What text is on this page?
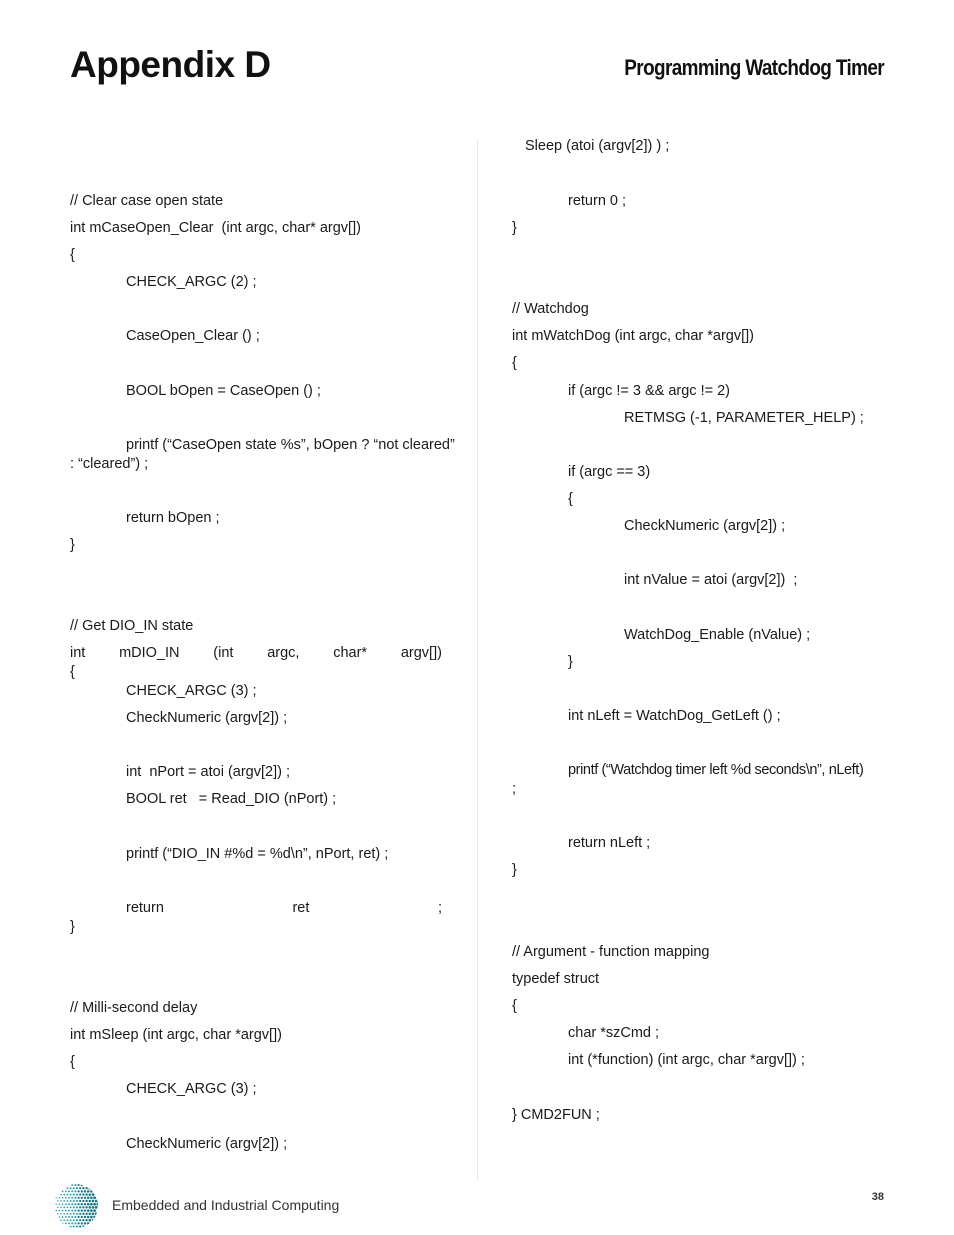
Appendix D	Programming Watchdog Timer
// Clear case open state
int mCaseOpen_Clear  (int argc, char* argv[])
{
CHECK_ARGC (2) ;
CaseOpen_Clear () ;
BOOL bOpen = CaseOpen () ;
printf (“CaseOpen state %s”, bOpen ? “not cleared”
: “cleared”) ;
return bOpen ;
}
// Get DIO_IN state
int mDIO_IN (int argc, char* argv[])
{
CHECK_ARGC (3) ;
CheckNumeric (argv[2]) ;
int  nPort = atoi (argv[2]) ;
BOOL ret   = Read_DIO (nPort) ;
printf (“DIO_IN #%d = %d\n”, nPort, ret) ;
return	ret	;
}
// Milli-second delay
int mSleep (int argc, char *argv[])
{
CHECK_ARGC (3) ;
CheckNumeric (argv[2]) ;
Sleep (atoi (argv[2]) ) ;
return 0 ;
}
// Watchdog
int mWatchDog (int argc, char *argv[])
{
if (argc != 3 && argc != 2)
RETMSG (-1, PARAMETER_HELP) ;
if (argc == 3)
{
CheckNumeric (argv[2]) ;
int nValue = atoi (argv[2])  ;
WatchDog_Enable (nValue) ;
}
int nLeft = WatchDog_GetLeft () ;
printf (“Watchdog timer left %d seconds\n”, nLeft)
;
return nLeft ;
}
// Argument - function mapping
typedef struct
{
char *szCmd ;
int (*function) (int argc, char *argv[]) ;
} CMD2FUN ;
Embedded and Industrial Computing	38
